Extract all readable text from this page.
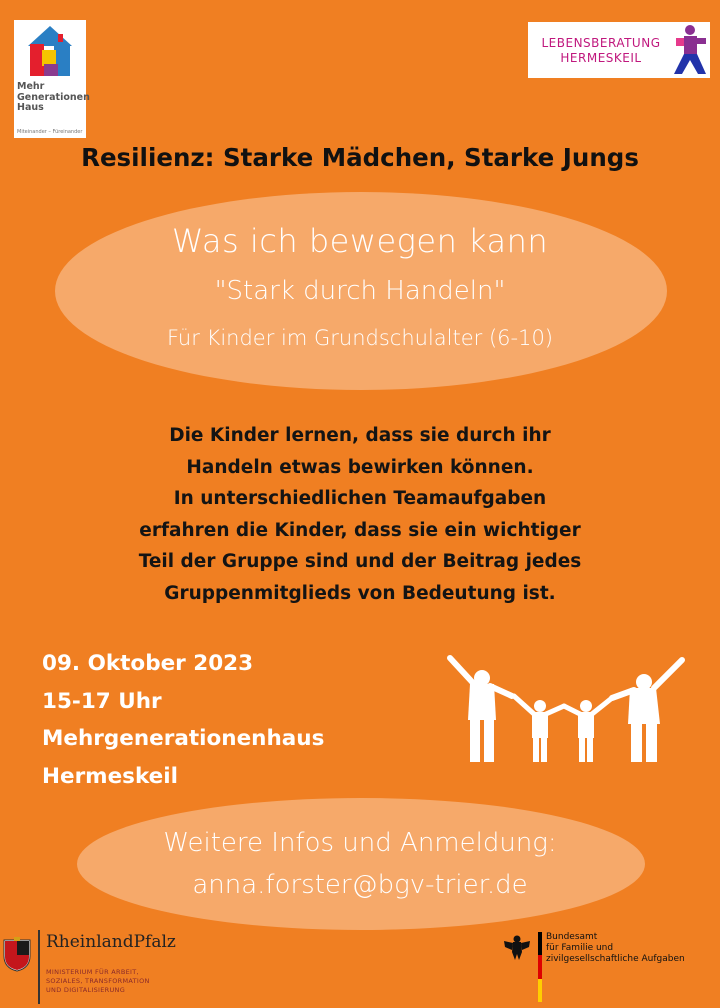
Mehr
Generationen
Haus
Miteinander – Füreinander
LEBENSBERATUNG
HERMESKEIL
Resilienz: Starke Mädchen, Starke Jungs
Was ich bewegen kann
"Stark durch Handeln"
Für Kinder im Grundschulalter (6-10)
Die Kinder lernen, dass sie durch ihr
Handeln etwas bewirken können.
In unterschiedlichen Teamaufgaben
erfahren die Kinder, dass sie ein wichtiger
Teil der Gruppe sind und der Beitrag jedes
Gruppenmitglieds von Bedeutung ist.
09. Oktober 2023
15-17 Uhr
Mehrgenerationenhaus
Hermeskeil
Weitere Infos und Anmeldung:
anna.forster@bgv-trier.de
RheinlandPfalz
MINISTERIUM FÜR ARBEIT,
SOZIALES, TRANSFORMATION
UND DIGITALISIERUNG
Bundesamt
für Familie und
zivilgesellschaftliche Aufgaben
